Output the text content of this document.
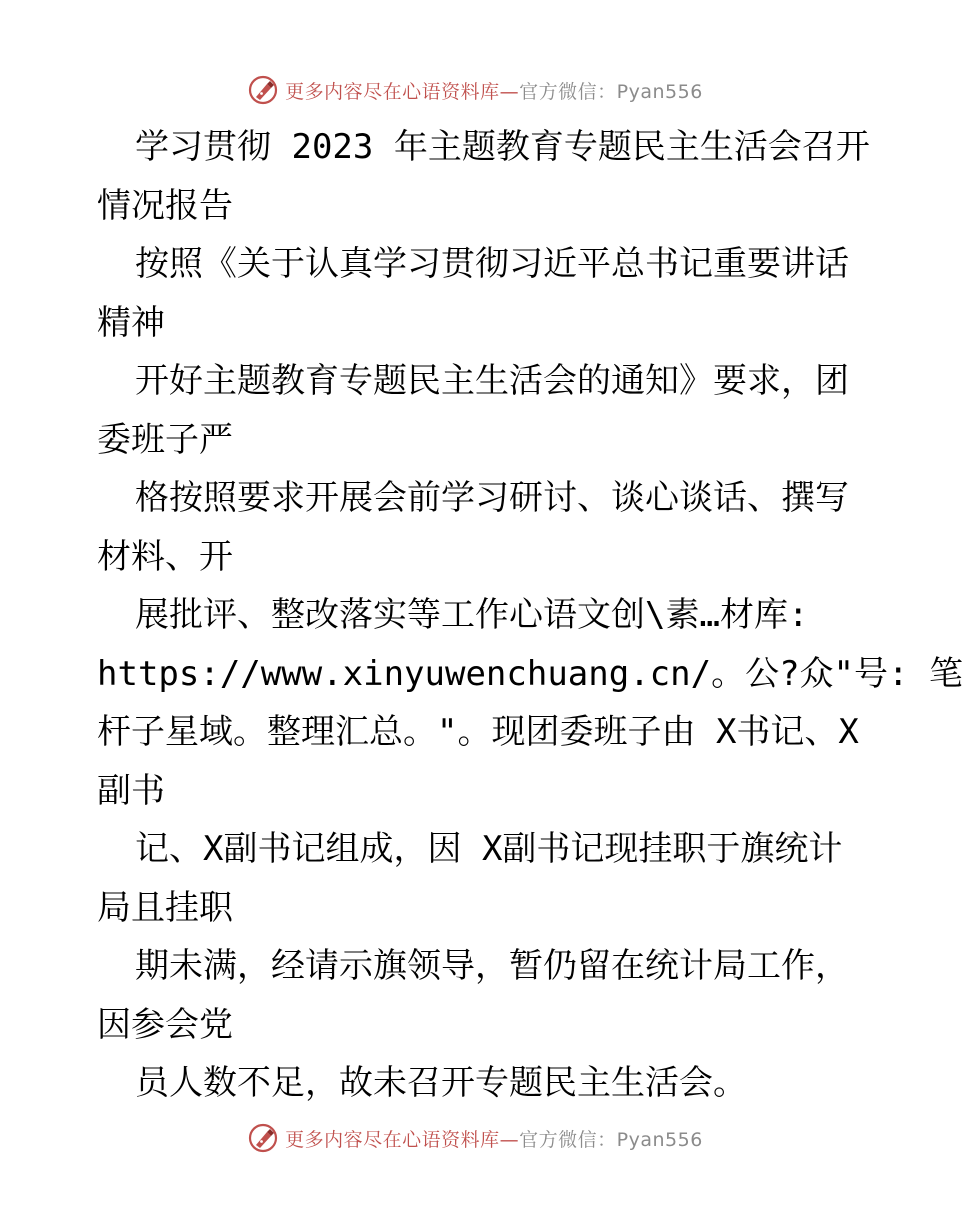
更多内容尽在心语资料库—官方微信：Pyan556
学习贯彻 2023 年主题教育专题民主生活会召开
情况报告
按照《关于认真学习贯彻习近平总书记重要讲话
精神
开好主题教育专题民主生活会的通知》要求，团
委班子严
格按照要求开展会前学习研讨、谈心谈话、撰写
材料、开
展批评、整改落实等工作心语文创\素…材库:
https://www.xinyuwenchuang.cn/。公?众"号: 笔
杆子星域。整理汇总。"。现团委班子由 X书记、X
副书
记、X副书记组成，因 X副书记现挂职于旗统计
局且挂职
期未满，经请示旗领导，暂仍留在统计局工作，
因参会党
员人数不足，故未召开专题民主生活会。
更多内容尽在心语资料库—官方微信：Pyan556
